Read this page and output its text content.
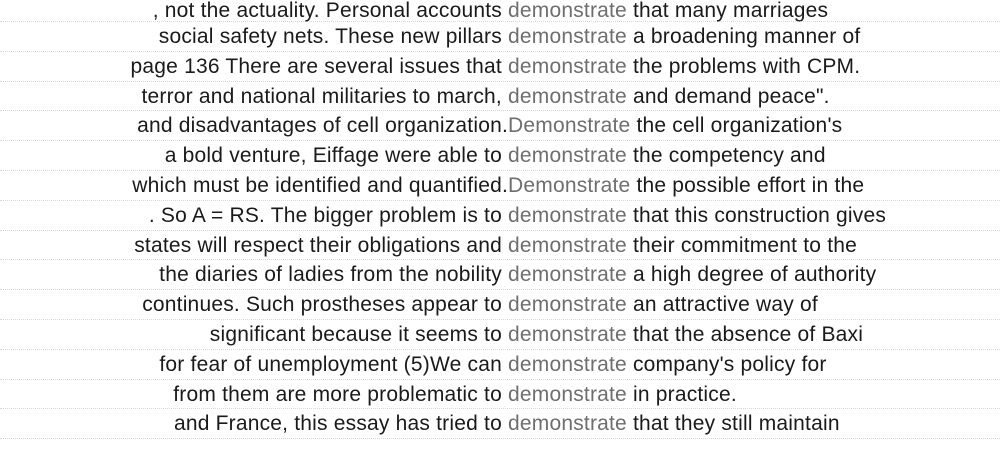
, not the actuality. Personal accounts demonstrate that many marriages
social safety nets. These new pillars demonstrate a broadening manner of
page 136 There are several issues that demonstrate the problems with CPM.
terror and national militaries to march, demonstrate and demand peace".
and disadvantages of cell organization. Demonstrate the cell organization's
a bold venture, Eiffage were able to demonstrate the competency and
which must be identified and quantified. Demonstrate the possible effort in the
. So A = RS. The bigger problem is to demonstrate that this construction gives
states will respect their obligations and demonstrate their commitment to the
the diaries of ladies from the nobility demonstrate a high degree of authority
continues. Such prostheses appear to demonstrate an attractive way of
significant because it seems to demonstrate that the absence of Baxi
for fear of unemployment (5)We can demonstrate company's policy for
from them are more problematic to demonstrate in practice.
and France, this essay has tried to demonstrate that they still maintain
